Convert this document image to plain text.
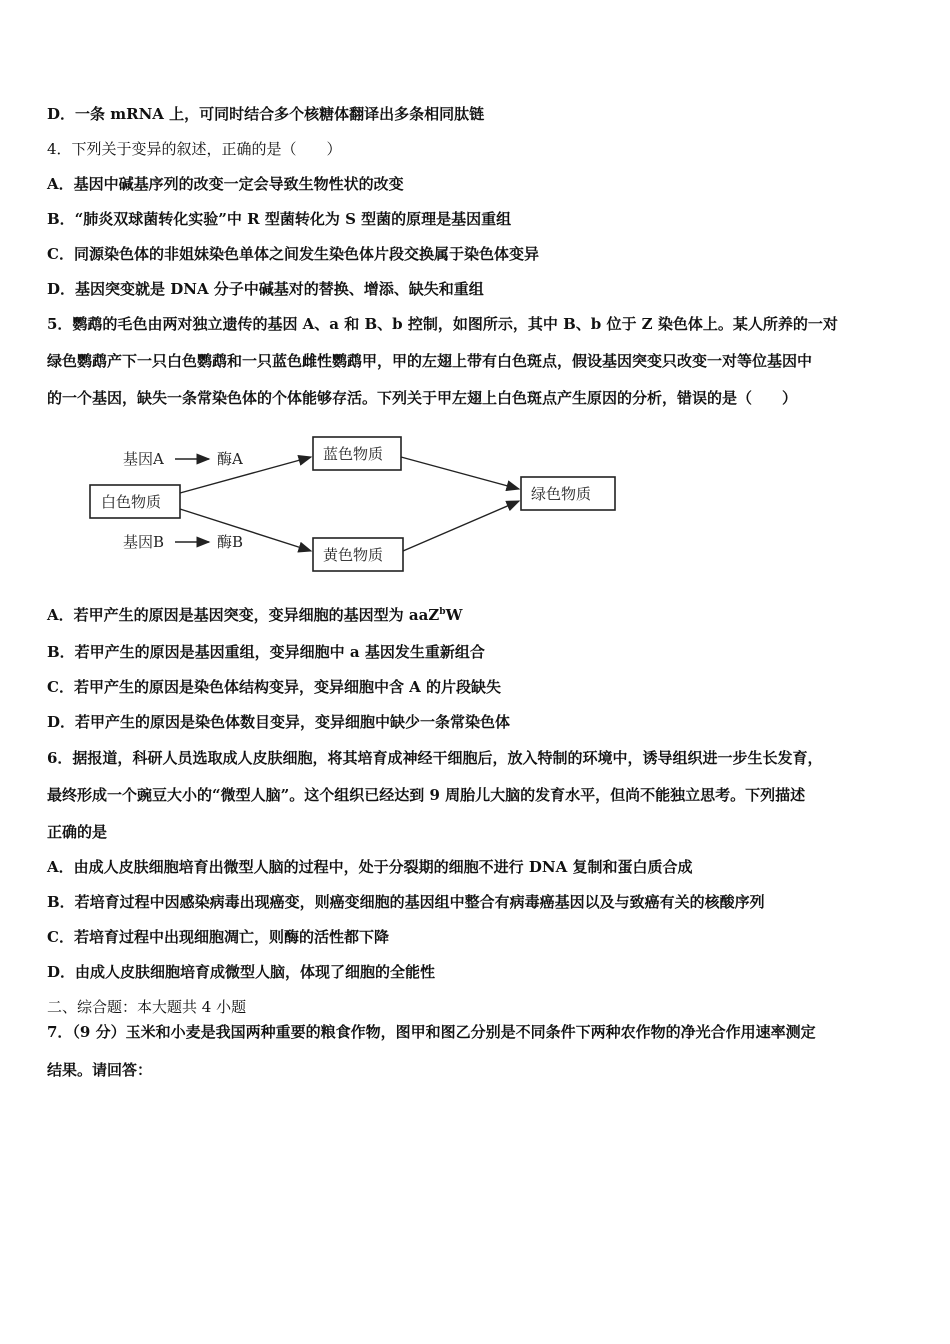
D．一条 mRNA 上，可同时结合多个核糖体翻译出多条相同肽链
4．下列关于变异的叙述，正确的是（　　）
A．基因中碱基序列的改变一定会导致生物性状的改变
B．“肺炎双球菌转化实验”中 R 型菌转化为 S 型菌的原理是基因重组
C．同源染色体的非姐妹染色单体之间发生染色体片段交换属于染色体变异
D．基因突变就是 DNA 分子中碱基对的替换、增添、缺失和重组
5．鹦鹉的毛色由两对独立遗传的基因 A、a 和 B、b 控制，如图所示，其中 B、b 位于 Z 染色体上。某人所养的一对
绿色鹦鹉产下一只白色鹦鹉和一只蓝色雌性鹦鹉甲，甲的左翅上带有白色斑点，假设基因突变只改变一对等位基因中
的一个基因，缺失一条常染色体的个体能够存活。下列关于甲左翅上白色斑点产生原因的分析，错误的是（　　）
基因A	酶A
基因B	酶B
白色物质
蓝色物质
黄色物质
绿色物质
A．若甲产生的原因是基因突变，变异细胞的基因型为 aaZ$^b$W
B．若甲产生的原因是基因重组，变异细胞中 a 基因发生重新组合
C．若甲产生的原因是染色体结构变异，变异细胞中含 A 的片段缺失
D．若甲产生的原因是染色体数目变异，变异细胞中缺少一条常染色体
6．据报道，科研人员选取成人皮肤细胞，将其培育成神经干细胞后，放入特制的环境中，诱导组织进一步生长发育，
最终形成一个豌豆大小的“微型人脑”。这个组织已经达到 9 周胎儿大脑的发育水平，但尚不能独立思考。下列描述
正确的是
A．由成人皮肤细胞培育出微型人脑的过程中，处于分裂期的细胞不进行 DNA 复制和蛋白质合成
B．若培育过程中因感染病毒出现癌变，则癌变细胞的基因组中整合有病毒癌基因以及与致癌有关的核酸序列
C．若培育过程中出现细胞凋亡，则酶的活性都下降
D．由成人皮肤细胞培育成微型人脑，体现了细胞的全能性
二、综合题：本大题共 4 小题
7．（9 分）玉米和小麦是我国两种重要的粮食作物，图甲和图乙分别是不同条件下两种农作物的净光合作用速率测定
结果。请回答：
